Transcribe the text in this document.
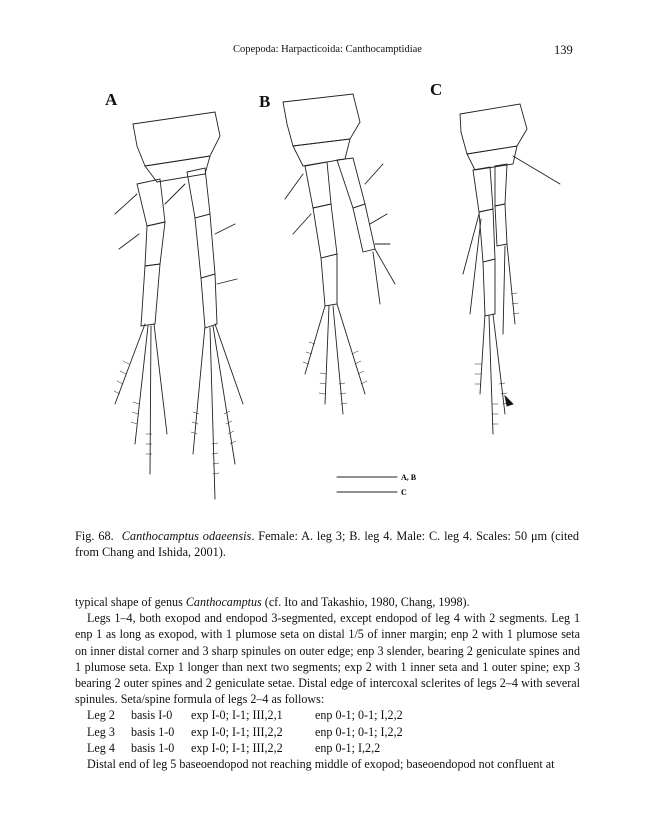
Copepoda: Harpacticoida: Canthocamptidiae	139
A	B
C
A, B
C
Fig. 68. Canthocamptus odaeensis. Female: A. leg 3; B. leg 4. Male: C. leg 4. Scales: 50 μm (cited from Chang and Ishida, 2001).

typical shape of genus Canthocamptus (cf. Ito and Takashio, 1980, Chang, 1998).

Legs 1–4, both exopod and endopod 3-segmented, except endopod of leg 4 with 2 segments. Leg 1 enp 1 as long as exopod, with 1 plumose seta on distal 1/5 of inner margin; enp 2 with 1 plumose seta on inner distal corner and 3 sharp spinules on outer edge; enp 3 slender, bearing 2 geniculate spines and 1 plumose seta. Exp 1 longer than next two segments; exp 2 with 1 inner seta and 1 outer spine; exp 3 bearing 2 outer spines and 2 geniculate setae. Distal edge of intercoxal sclerites of legs 2–4 with several spinules. Seta/spine formula of legs 2–4 as follows:

Leg 2	basis I-0	exp I-0; I-1; III,2,1	enp 0-1; 0-1; I,2,2
Leg 3	basis 1-0	exp I-0; I-1; III,2,2	enp 0-1; 0-1; I,2,2
Leg 4	basis 1-0	exp I-0; I-1; III,2,2	enp 0-1; I,2,2

Distal end of leg 5 baseoendopod not reaching middle of exopod; baseoendopod not confluent at
